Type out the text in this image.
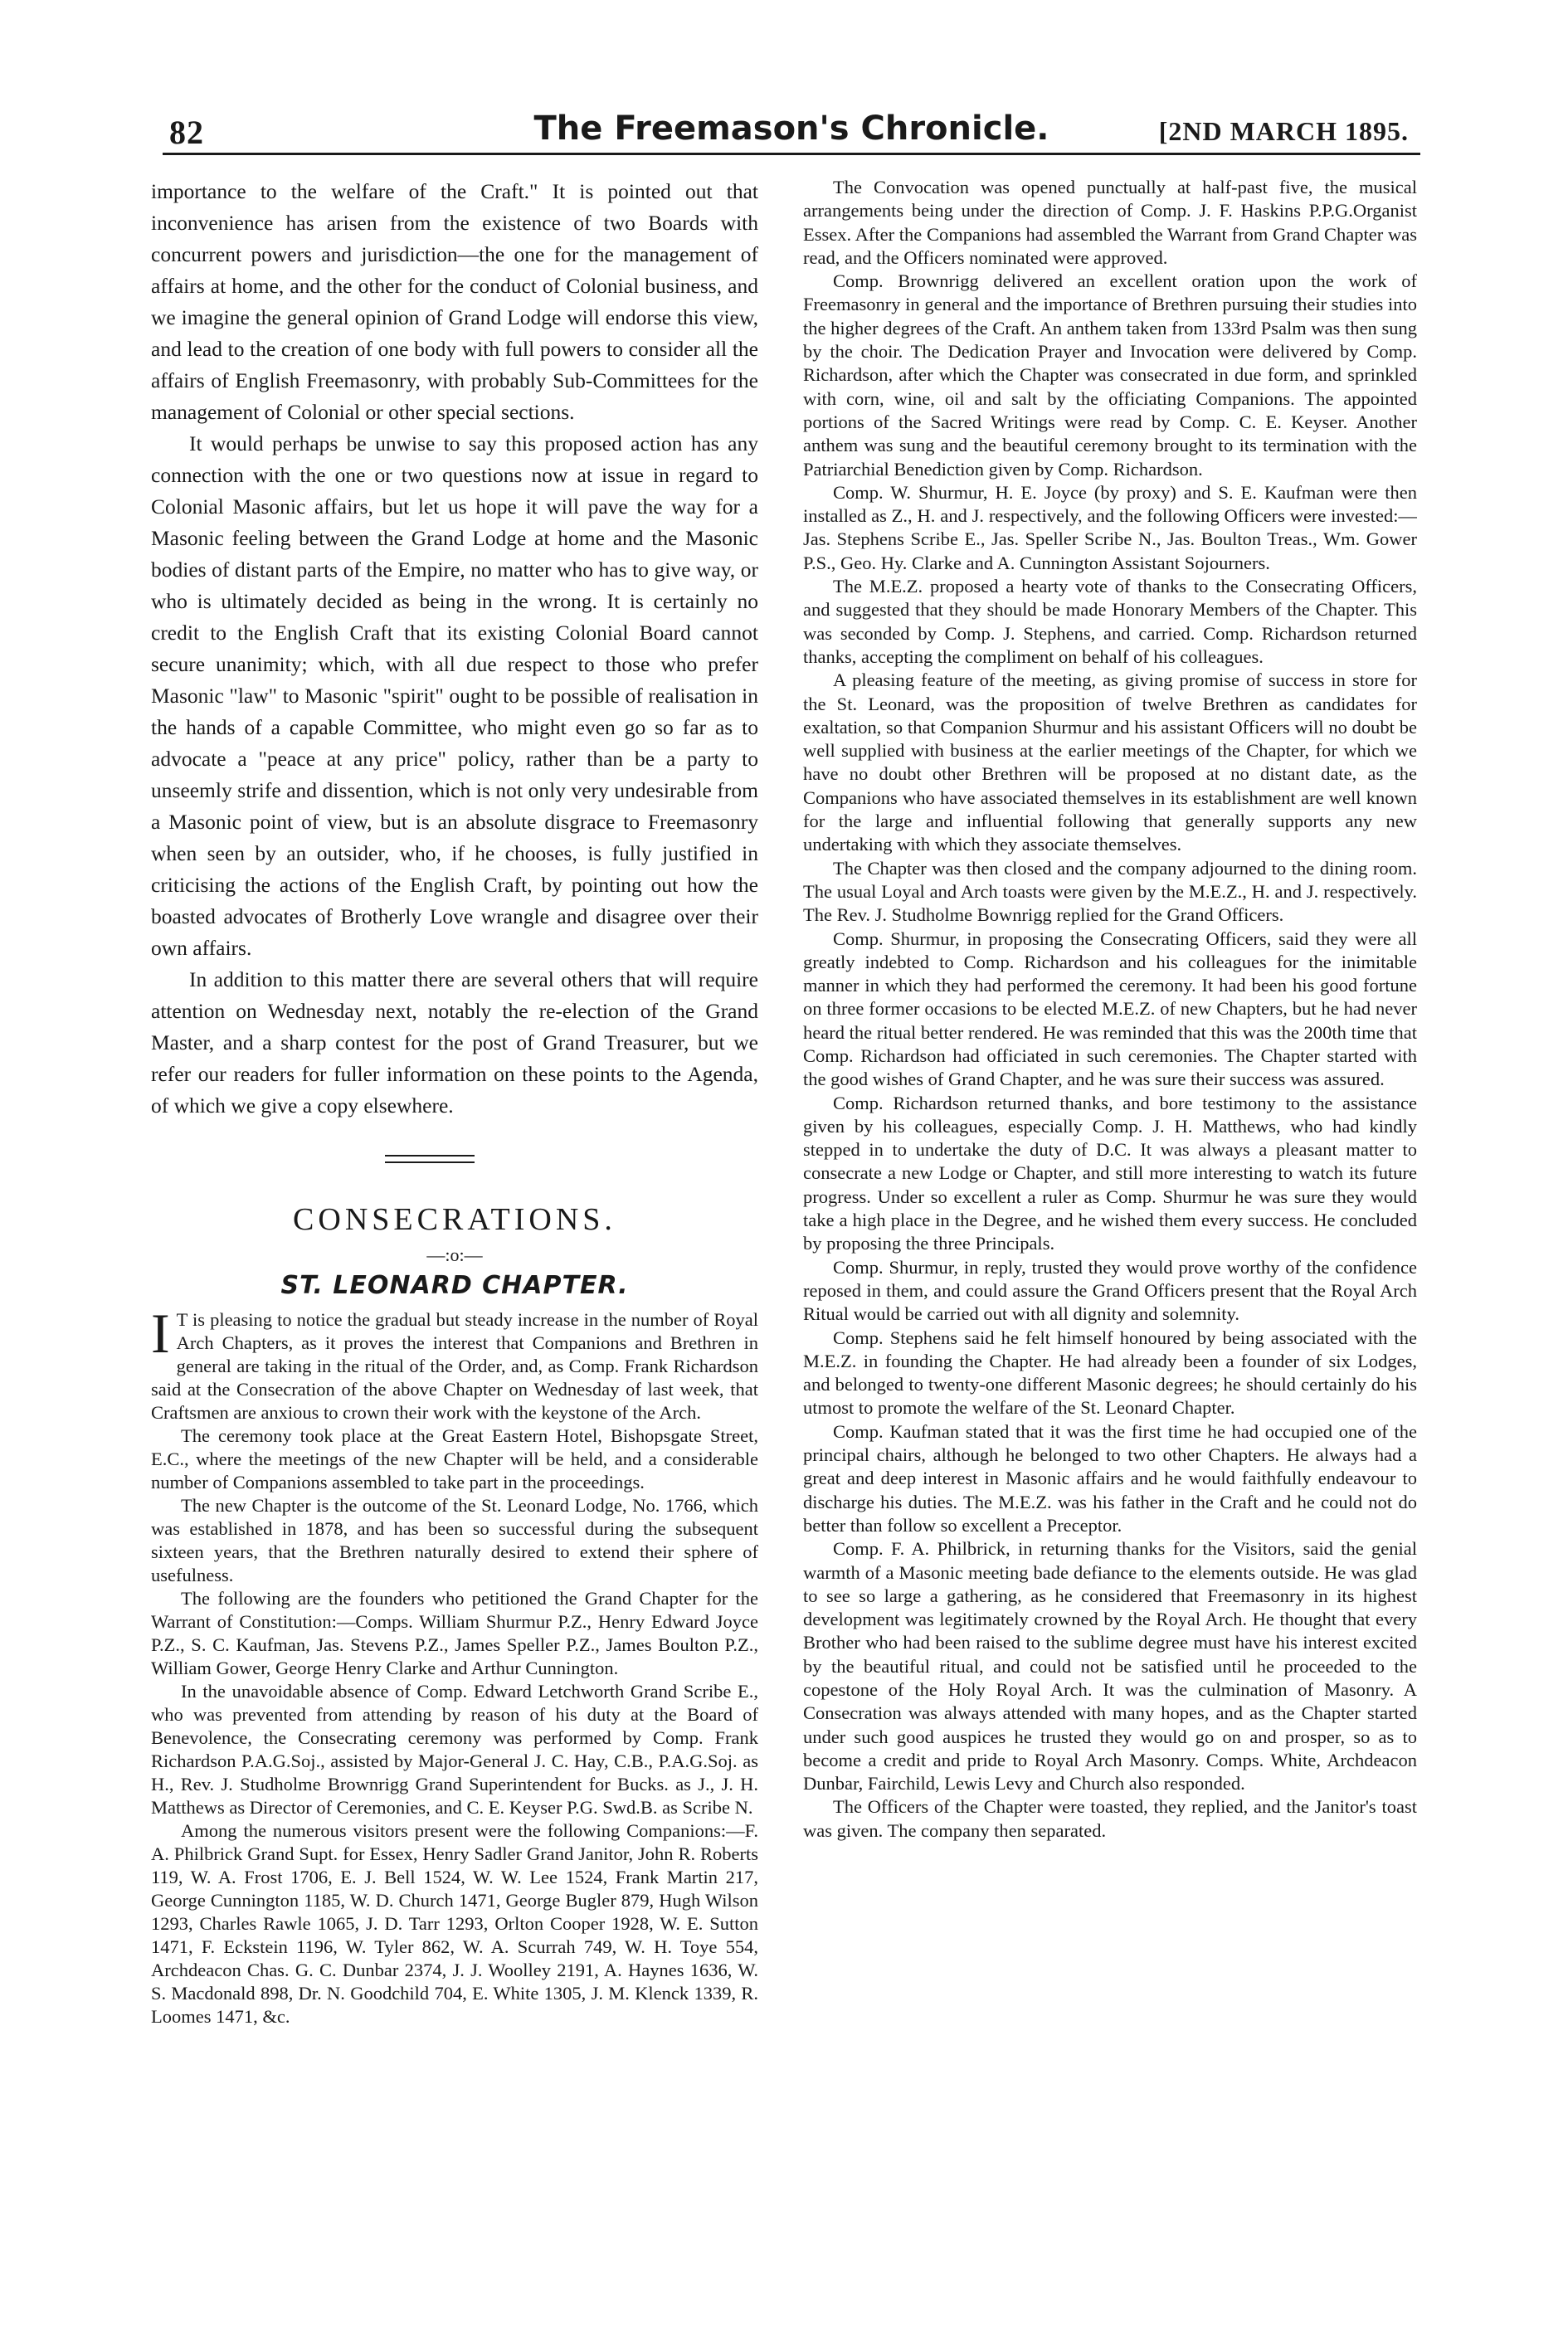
82	The Freemason's Chronicle.	[2ND MARCH 1895.

importance to the welfare of the Craft." It is pointed out that inconvenience has arisen from the existence of two Boards with concurrent powers and jurisdiction—the one for the management of affairs at home, and the other for the conduct of Colonial business, and we imagine the general opinion of Grand Lodge will endorse this view, and lead to the creation of one body with full powers to consider all the affairs of English Freemasonry, with probably Sub-Committees for the management of Colonial or other special sections.

It would perhaps be unwise to say this proposed action has any connection with the one or two questions now at issue in regard to Colonial Masonic affairs, but let us hope it will pave the way for a Masonic feeling between the Grand Lodge at home and the Masonic bodies of distant parts of the Empire, no matter who has to give way, or who is ultimately decided as being in the wrong. It is certainly no credit to the English Craft that its existing Colonial Board cannot secure unanimity; which, with all due respect to those who prefer Masonic "law" to Masonic "spirit" ought to be possible of realisation in the hands of a capable Committee, who might even go so far as to advocate a "peace at any price" policy, rather than be a party to unseemly strife and dissention, which is not only very undesirable from a Masonic point of view, but is an absolute disgrace to Freemasonry when seen by an outsider, who, if he chooses, is fully justified in criticising the actions of the English Craft, by pointing out how the boasted advocates of Brotherly Love wrangle and disagree over their own affairs.

In addition to this matter there are several others that will require attention on Wednesday next, notably the re-election of the Grand Master, and a sharp contest for the post of Grand Treasurer, but we refer our readers for fuller information on these points to the Agenda, of which we give a copy elsewhere.

CONSECRATIONS.
—:o:—
ST. LEONARD CHAPTER.

I T is pleasing to notice the gradual but steady increase in the number of Royal Arch Chapters, as it proves the interest that Companions and Brethren in general are taking in the ritual of the Order, and, as Comp. Frank Richardson said at the Consecration of the above Chapter on Wednesday of last week, that Craftsmen are anxious to crown their work with the keystone of the Arch.

The ceremony took place at the Great Eastern Hotel, Bishopsgate Street, E.C., where the meetings of the new Chapter will be held, and a considerable number of Companions assembled to take part in the proceedings.

The new Chapter is the outcome of the St. Leonard Lodge, No. 1766, which was established in 1878, and has been so successful during the subsequent sixteen years, that the Brethren naturally desired to extend their sphere of usefulness.

The following are the founders who petitioned the Grand Chapter for the Warrant of Constitution:—Comps. William Shurmur P.Z., Henry Edward Joyce P.Z., S. C. Kaufman, Jas. Stevens P.Z., James Speller P.Z., James Boulton P.Z., William Gower, George Henry Clarke and Arthur Cunnington.

In the unavoidable absence of Comp. Edward Letchworth Grand Scribe E., who was prevented from attending by reason of his duty at the Board of Benevolence, the Consecrating ceremony was performed by Comp. Frank Richardson P.A.G.Soj., assisted by Major-General J. C. Hay, C.B., P.A.G.Soj. as H., Rev. J. Studholme Brownrigg Grand Superintendent for Bucks. as J., J. H. Matthews as Director of Ceremonies, and C. E. Keyser P.G. Swd.B. as Scribe N.

Among the numerous visitors present were the following Companions:—F. A. Philbrick Grand Supt. for Essex, Henry Sadler Grand Janitor, John R. Roberts 119, W. A. Frost 1706, E. J. Bell 1524, W. W. Lee 1524, Frank Martin 217, George Cunnington 1185, W. D. Church 1471, George Bugler 879, Hugh Wilson 1293, Charles Rawle 1065, J. D. Tarr 1293, Orlton Cooper 1928, W. E. Sutton 1471, F. Eckstein 1196, W. Tyler 862, W. A. Scurrah 749, W. H. Toye 554, Archdeacon Chas. G. C. Dunbar 2374, J. J. Woolley 2191, A. Haynes 1636, W. S. Macdonald 898, Dr. N. Goodchild 704, E. White 1305, J. M. Klenck 1339, R. Loomes 1471, &c.

The Convocation was opened punctually at half-past five, the musical arrangements being under the direction of Comp. J. F. Haskins P.P.G.Organist Essex. After the Companions had assembled the Warrant from Grand Chapter was read, and the Officers nominated were approved.

Comp. Brownrigg delivered an excellent oration upon the work of Freemasonry in general and the importance of Brethren pursuing their studies into the higher degrees of the Craft. An anthem taken from 133rd Psalm was then sung by the choir. The Dedication Prayer and Invocation were delivered by Comp. Richardson, after which the Chapter was consecrated in due form, and sprinkled with corn, wine, oil and salt by the officiating Companions. The appointed portions of the Sacred Writings were read by Comp. C. E. Keyser. Another anthem was sung and the beautiful ceremony brought to its termination with the Patriarchial Benediction given by Comp. Richardson.

Comp. W. Shurmur, H. E. Joyce (by proxy) and S. E. Kaufman were then installed as Z., H. and J. respectively, and the following Officers were invested:—Jas. Stephens Scribe E., Jas. Speller Scribe N., Jas. Boulton Treas., Wm. Gower P.S., Geo. Hy. Clarke and A. Cunnington Assistant Sojourners.

The M.E.Z. proposed a hearty vote of thanks to the Consecrating Officers, and suggested that they should be made Honorary Members of the Chapter. This was seconded by Comp. J. Stephens, and carried. Comp. Richardson returned thanks, accepting the compliment on behalf of his colleagues.

A pleasing feature of the meeting, as giving promise of success in store for the St. Leonard, was the proposition of twelve Brethren as candidates for exaltation, so that Companion Shurmur and his assistant Officers will no doubt be well supplied with business at the earlier meetings of the Chapter, for which we have no doubt other Brethren will be proposed at no distant date, as the Companions who have associated themselves in its establishment are well known for the large and influential following that generally supports any new undertaking with which they associate themselves.

The Chapter was then closed and the company adjourned to the dining room. The usual Loyal and Arch toasts were given by the M.E.Z., H. and J. respectively. The Rev. J. Studholme Bownrigg replied for the Grand Officers.

Comp. Shurmur, in proposing the Consecrating Officers, said they were all greatly indebted to Comp. Richardson and his colleagues for the inimitable manner in which they had performed the ceremony. It had been his good fortune on three former occasions to be elected M.E.Z. of new Chapters, but he had never heard the ritual better rendered. He was reminded that this was the 200th time that Comp. Richardson had officiated in such ceremonies. The Chapter started with the good wishes of Grand Chapter, and he was sure their success was assured.

Comp. Richardson returned thanks, and bore testimony to the assistance given by his colleagues, especially Comp. J. H. Matthews, who had kindly stepped in to undertake the duty of D.C. It was always a pleasant matter to consecrate a new Lodge or Chapter, and still more interesting to watch its future progress. Under so excellent a ruler as Comp. Shurmur he was sure they would take a high place in the Degree, and he wished them every success. He concluded by proposing the three Principals.

Comp. Shurmur, in reply, trusted they would prove worthy of the confidence reposed in them, and could assure the Grand Officers present that the Royal Arch Ritual would be carried out with all dignity and solemnity.

Comp. Stephens said he felt himself honoured by being associated with the M.E.Z. in founding the Chapter. He had already been a founder of six Lodges, and belonged to twenty-one different Masonic degrees; he should certainly do his utmost to promote the welfare of the St. Leonard Chapter.

Comp. Kaufman stated that it was the first time he had occupied one of the principal chairs, although he belonged to two other Chapters. He always had a great and deep interest in Masonic affairs and he would faithfully endeavour to discharge his duties. The M.E.Z. was his father in the Craft and he could not do better than follow so excellent a Preceptor.

Comp. F. A. Philbrick, in returning thanks for the Visitors, said the genial warmth of a Masonic meeting bade defiance to the elements outside. He was glad to see so large a gathering, as he considered that Freemasonry in its highest development was legitimately crowned by the Royal Arch. He thought that every Brother who had been raised to the sublime degree must have his interest excited by the beautiful ritual, and could not be satisfied until he proceeded to the copestone of the Holy Royal Arch. It was the culmination of Masonry. A Consecration was always attended with many hopes, and as the Chapter started under such good auspices he trusted they would go on and prosper, so as to become a credit and pride to Royal Arch Masonry. Comps. White, Archdeacon Dunbar, Fairchild, Lewis Levy and Church also responded.

The Officers of the Chapter were toasted, they replied, and the Janitor's toast was given. The company then separated.
